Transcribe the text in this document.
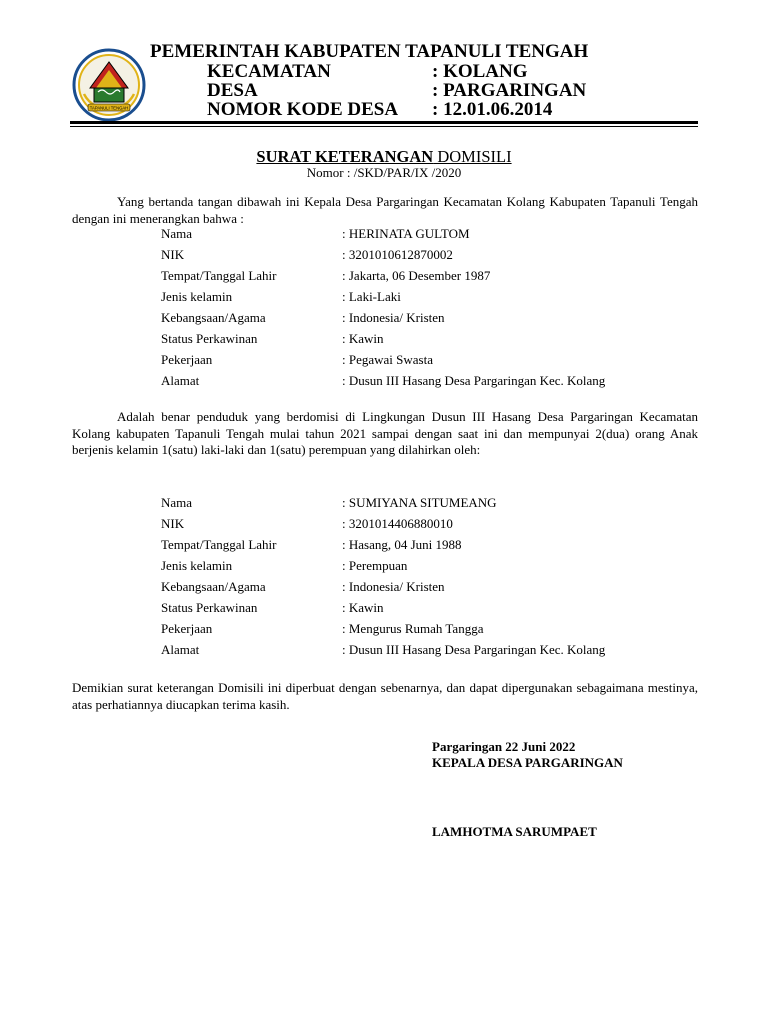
TAPANULI TENGAH
PEMERINTAH KABUPATEN TAPANULI TENGAH
KECAMATAN	: KOLANG
DESA	: PARGARINGAN
NOMOR KODE DESA : 12.01.06.2014
SURAT KETERANGAN DOMISILI
Nomor : /SKD/PAR/IX /2020
Yang bertanda tangan dibawah ini Kepala Desa Pargaringan Kecamatan Kolang Kabupaten Tapanuli Tengah dengan ini menerangkan bahwa :
Nama	: HERINATA GULTOM
NIK	: 3201010612870002
Tempat/Tanggal Lahir	: Jakarta, 06 Desember 1987
Jenis kelamin	: Laki-Laki
Kebangsaan/Agama	: Indonesia/ Kristen
Status Perkawinan	: Kawin
Pekerjaan	: Pegawai Swasta
Alamat	: Dusun III Hasang Desa Pargaringan Kec. Kolang
Adalah benar penduduk yang berdomisi di Lingkungan Dusun III Hasang Desa Pargaringan Kecamatan Kolang kabupaten Tapanuli Tengah mulai tahun 2021 sampai dengan saat ini dan mempunyai 2(dua) orang Anak berjenis kelamin 1(satu) laki-laki dan 1(satu) perempuan yang dilahirkan oleh:
Nama	: SUMIYANA SITUMEANG
NIK	: 3201014406880010
Tempat/Tanggal Lahir	: Hasang, 04 Juni 1988
Jenis kelamin	: Perempuan
Kebangsaan/Agama	: Indonesia/ Kristen
Status Perkawinan	: Kawin
Pekerjaan	: Mengurus Rumah Tangga
Alamat	: Dusun III Hasang Desa Pargaringan Kec. Kolang
Demikian surat keterangan Domisili ini diperbuat dengan sebenarnya, dan dapat dipergunakan sebagaimana mestinya, atas perhatiannya diucapkan terima kasih.
Pargaringan 22 Juni 2022
KEPALA DESA PARGARINGAN
LAMHOTMA SARUMPAET
